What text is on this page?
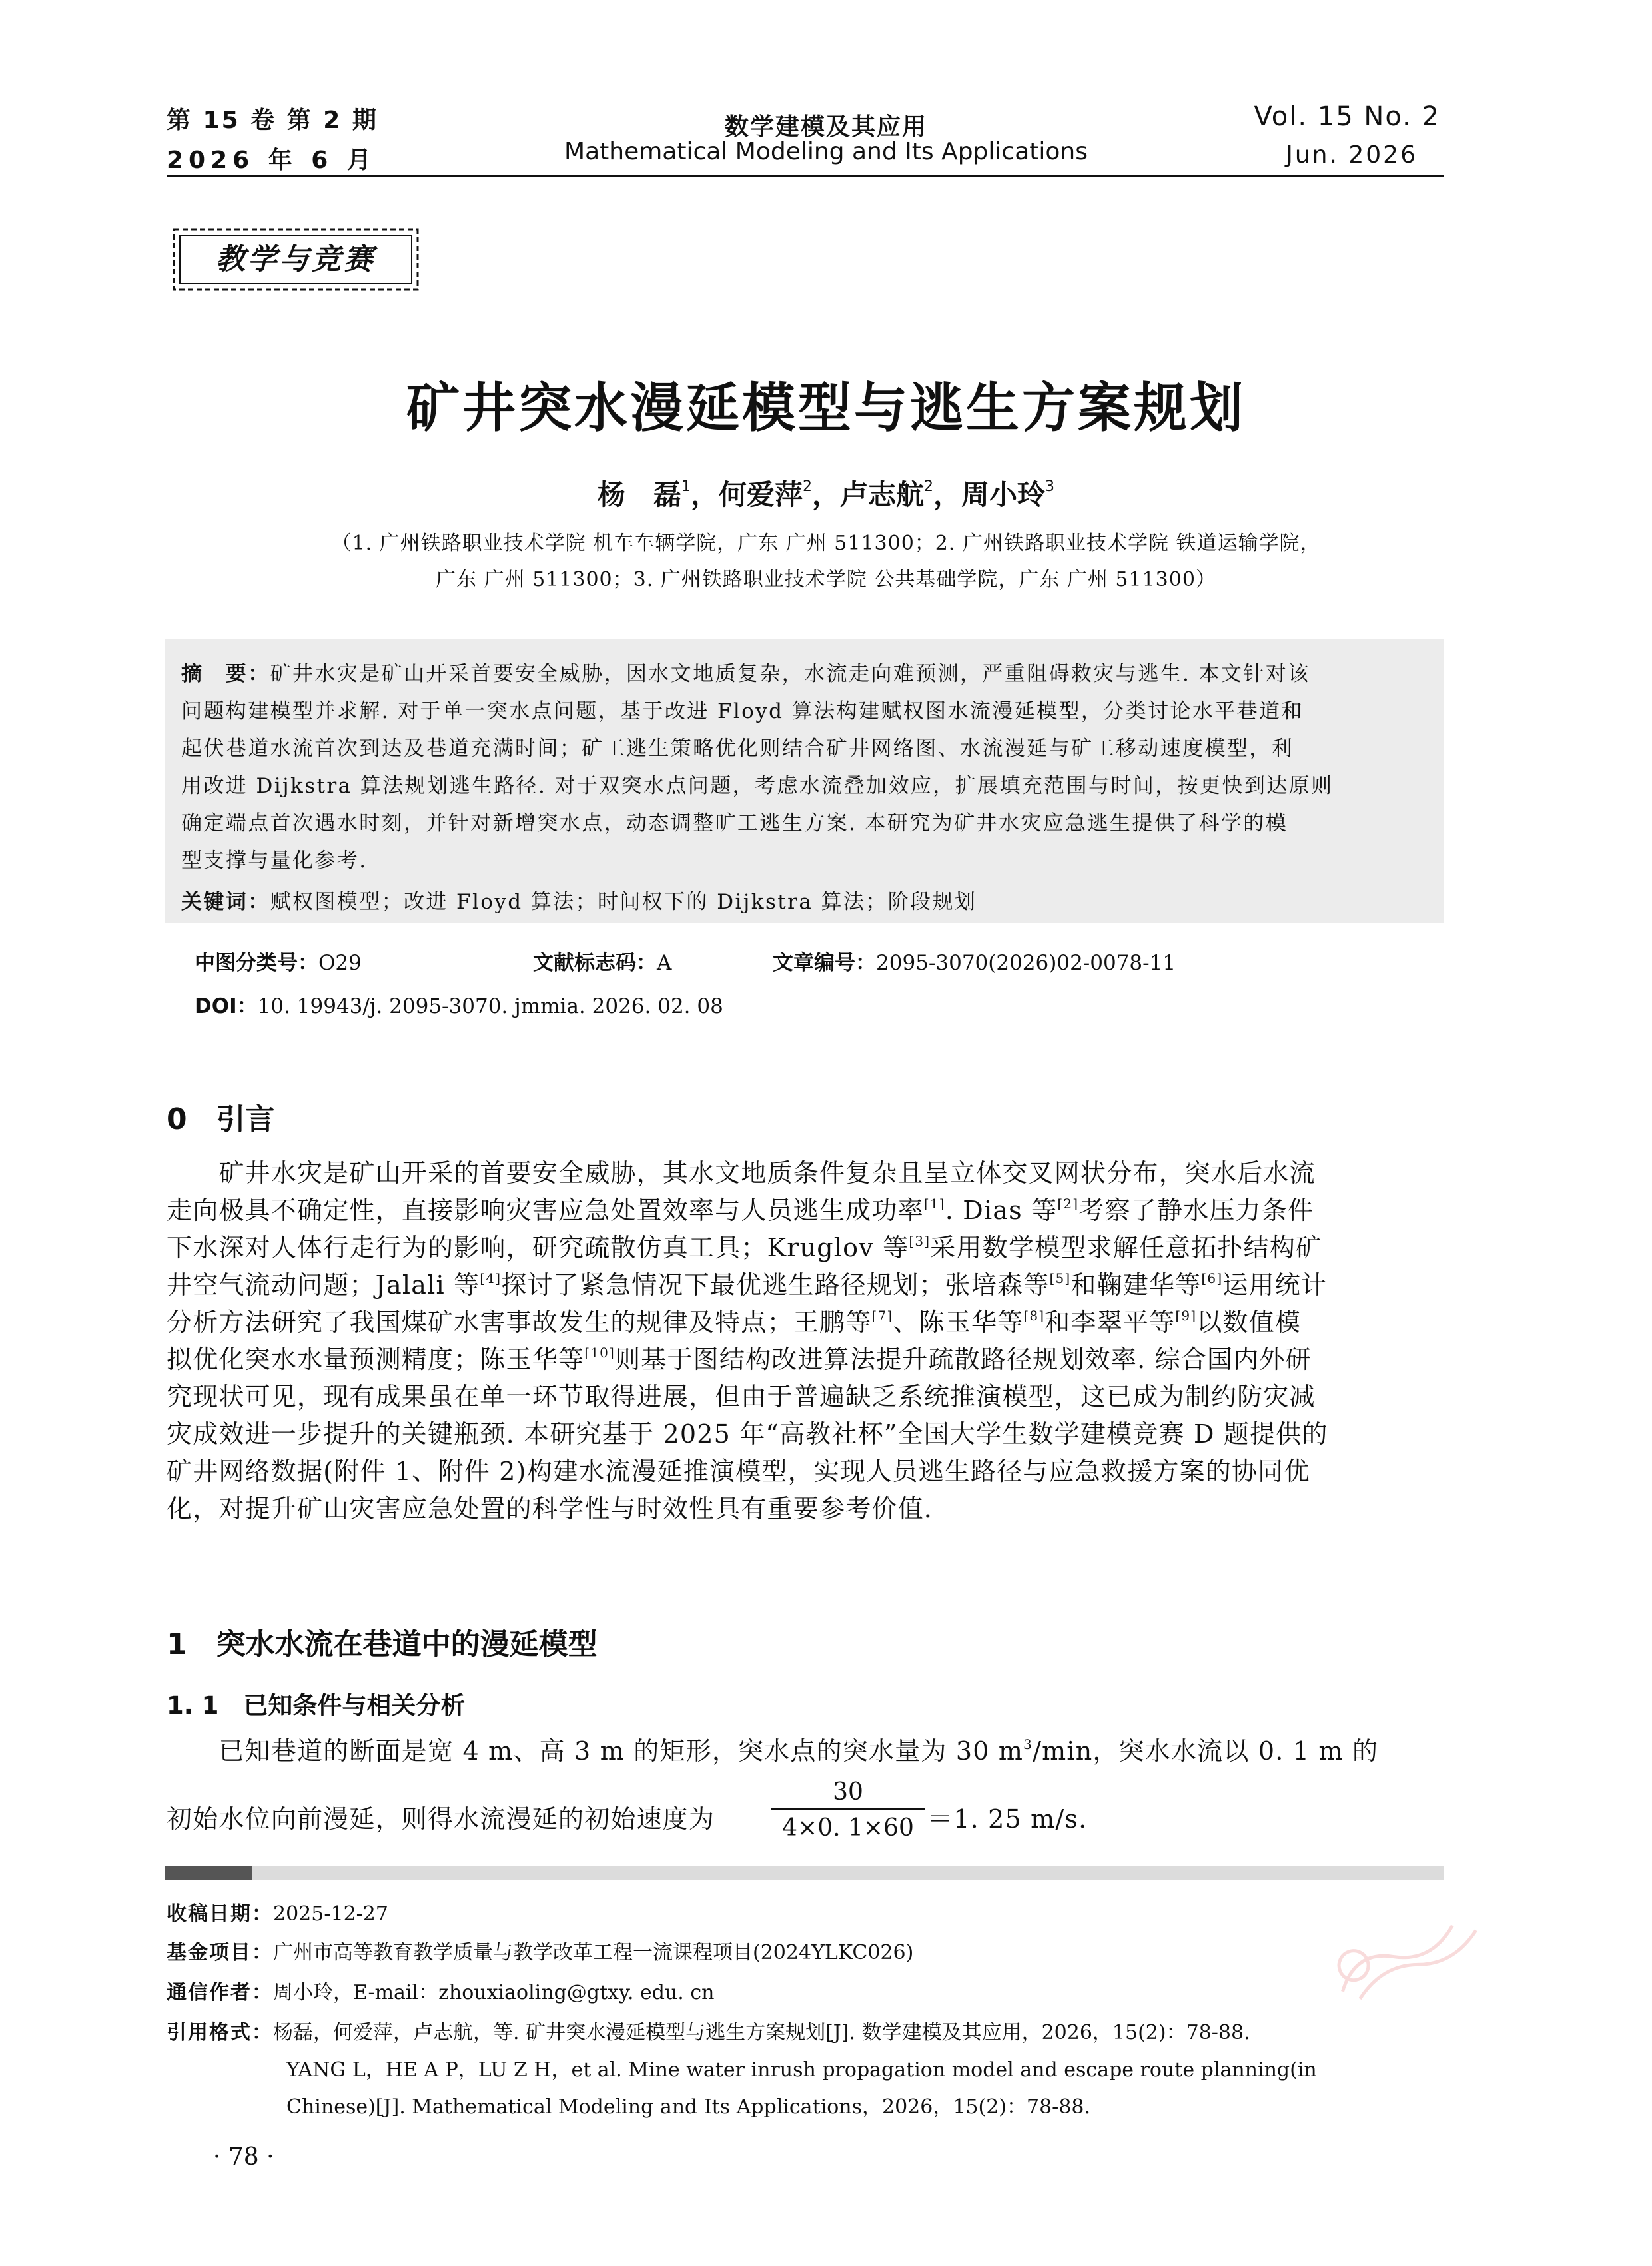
第 15 卷 第 2 期
2026 年 6 月
数学建模及其应用
Mathematical Modeling and Its Applications
Vol. 15 No. 2
Jun. 2026
教学与竞赛
矿井突水漫延模型与逃生方案规划
杨　磊$^1$，何爱萍$^2$，卢志航$^2$，周小玲$^3$
（1. 广州铁路职业技术学院 机车车辆学院，广东 广州 511300；2. 广州铁路职业技术学院 铁道运输学院，
广东 广州 511300；3. 广州铁路职业技术学院 公共基础学院，广东 广州 511300）
摘　要：矿井水灾是矿山开采首要安全威胁，因水文地质复杂，水流走向难预测，严重阻碍救灾与逃生. 本文针对该
问题构建模型并求解. 对于单一突水点问题，基于改进 Floyd 算法构建赋权图水流漫延模型，分类讨论水平巷道和
起伏巷道水流首次到达及巷道充满时间；矿工逃生策略优化则结合矿井网络图、水流漫延与矿工移动速度模型，利
用改进 Dijkstra 算法规划逃生路径. 对于双突水点问题，考虑水流叠加效应，扩展填充范围与时间，按更快到达原则
确定端点首次遇水时刻，并针对新增突水点，动态调整旷工逃生方案. 本研究为矿井水灾应急逃生提供了科学的模
型支撑与量化参考.
关键词：赋权图模型；改进 Floyd 算法；时间权下的 Dijkstra 算法；阶段规划
中图分类号：O29	文献标志码：A	文章编号：2095-3070(2026)02-0078-11
DOI：10. 19943/j. 2095-3070. jmmia. 2026. 02. 08
0　引言
　　矿井水灾是矿山开采的首要安全威胁，其水文地质条件复杂且呈立体交叉网状分布，突水后水流
走向极具不确定性，直接影响灾害应急处置效率与人员逃生成功率[1]. Dias 等[2]考察了静水压力条件
下水深对人体行走行为的影响，研究疏散仿真工具；Kruglov 等[3]采用数学模型求解任意拓扑结构矿
井空气流动问题；Jalali 等[4]探讨了紧急情况下最优逃生路径规划；张培森等[5]和鞠建华等[6]运用统计
分析方法研究了我国煤矿水害事故发生的规律及特点；王鹏等[7]、陈玉华等[8]和李翠平等[9]以数值模
拟优化突水水量预测精度；陈玉华等[10]则基于图结构改进算法提升疏散路径规划效率. 综合国内外研
究现状可见，现有成果虽在单一环节取得进展，但由于普遍缺乏系统推演模型，这已成为制约防灾减
灾成效进一步提升的关键瓶颈. 本研究基于 2025 年“高教社杯”全国大学生数学建模竞赛 D 题提供的
矿井网络数据(附件 1、附件 2)构建水流漫延推演模型，实现人员逃生路径与应急救援方案的协同优
化，对提升矿山灾害应急处置的科学性与时效性具有重要参考价值.
1　突水水流在巷道中的漫延模型
1. 1　已知条件与相关分析
　　已知巷道的断面是宽 4 m、高 3 m 的矩形，突水点的突水量为 30 $m^3/\min$，突水水流以 0. 1 m 的
初始水位向前漫延，则得水流漫延的初始速度为 $\frac{30}{4\times 0. 1\times 60} =1$. 25 m/s.
收稿日期：2025-12-27
基金项目：广州市高等教育教学质量与教学改革工程一流课程项目(2024YLKC026)
通信作者：周小玲，E-mail：zhouxiaoling@gtxy. edu. cn
引用格式：杨磊，何爱萍，卢志航，等. 矿井突水漫延模型与逃生方案规划[J]. 数学建模及其应用，2026，15(2)：78-88.
YANG L，HE A P，LU Z H，et al. Mine water inrush propagation model and escape route planning(in
Chinese)[J]. Mathematical Modeling and Its Applications，2026，15(2)：78-88.
· 78 ·
